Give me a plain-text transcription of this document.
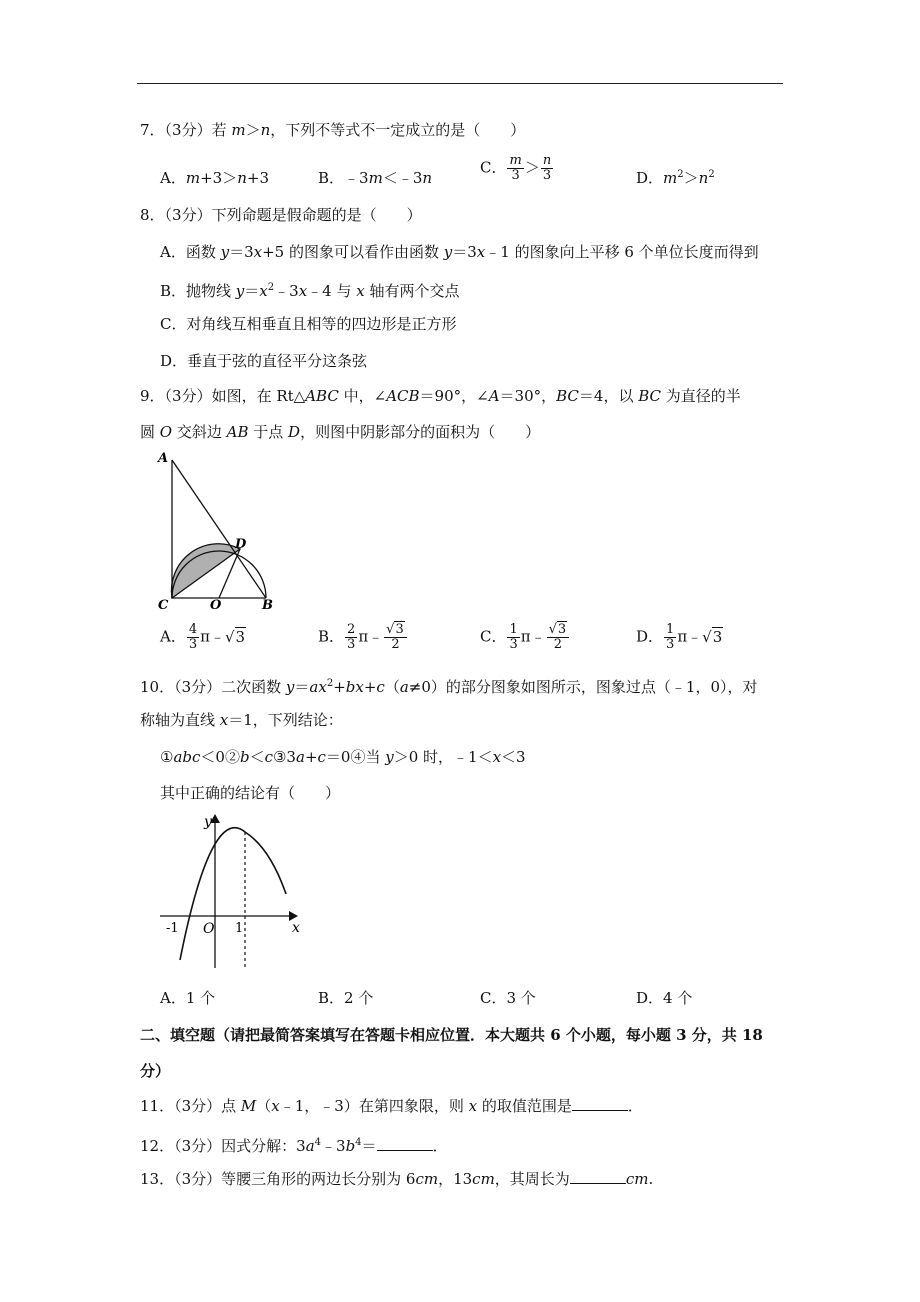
7．（3分）若 m＞n，下列不等式不一定成立的是（　　）
A．m+3＞n+3	B．﹣3m＜﹣3n
C． $\frac{m}{3} > \frac{n}{3}$	D．$m^2>n^2$
8．（3分）下列命题是假命题的是（　　）
A．函数 y＝3x+5 的图象可以看作由函数 y＝3x﹣1 的图象向上平移 6 个单位长度而得到
B．抛物线 $y=x^2﹣3x﹣4$ 与 x 轴有两个交点
C．对角线互相垂直且相等的四边形是正方形
D．垂直于弦的直径平分这条弦
9．（3分）如图，在 Rt△ABC 中，∠ACB＝90°，∠A＝30°，BC＝4，以 BC 为直径的半
圆 O 交斜边 AB 于点 D，则图中阴影部分的面积为（　　）
A
C	O	B
D
A． $\frac{4}{3}$ π﹣√3	B． $\frac{2}{3}$ π﹣ $\frac{√3}{2}$	C． $\frac{1}{3}$ π﹣ $\frac{√3}{2}$	D． $\frac{1}{3}$ π﹣√3
10．（3分）二次函数 $y=ax^2+bx+c(a\ne 0)$的部分图象如图所示，图象过点（﹣1，0），对
称轴为直线 x＝1，下列结论：
①abc＜0②b＜c③3a+c＝0④当 y＞0 时，﹣1＜x＜3
其中正确的结论有（　　）
y
x
-1 O 1
A．1 个	B．2 个	C．3 个	D．4 个
二、填空题（请把最简答案填写在答题卡相应位置．本大题共 6 个小题，每小题 3 分，共 18
分）
11．（3分）点 M（x﹣1，﹣3）在第四象限，则 x 的取值范围是	．
12．（3分）因式分解：$3a^4﹣3b^4=$	．
13．（3分）等腰三角形的两边长分别为 6cm，13cm，其周长为	cm.
